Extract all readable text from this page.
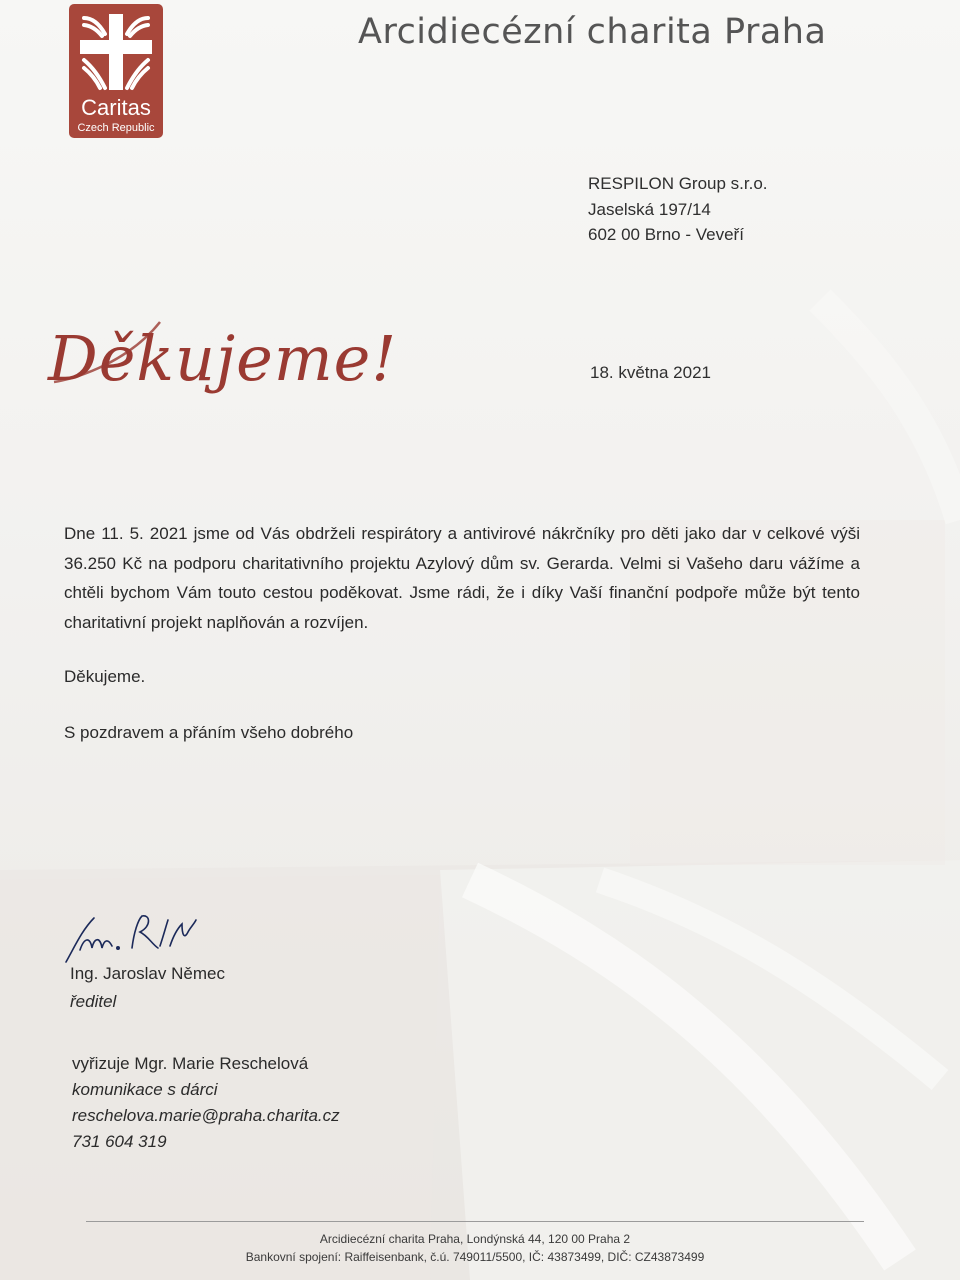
Caritas
Czech Republic
Arcidiecézní charita Praha
RESPILON Group s.r.o.
Jaselská 197/14
602 00 Brno - Veveří
Děkujeme!	18. května 2021
Dne 11. 5. 2021 jsme od Vás obdrželi respirátory a antivirové nákrčníky pro děti jako dar v celkové výši 36.250 Kč na podporu charitativního projektu Azylový dům sv. Gerarda. Velmi si Vašeho daru vážíme a chtěli bychom Vám touto cestou poděkovat. Jsme rádi, že i díky Vaší finanční podpoře může být tento charitativní projekt naplňován a rozvíjen.
Děkujeme.
S pozdravem a přáním všeho dobrého
Ing. Jaroslav Němec
ředitel
vyřizuje Mgr. Marie Reschelová
komunikace s dárci
reschelova.marie@praha.charita.cz
731 604 319
Arcidiecézní charita Praha, Londýnská 44, 120 00 Praha 2
Bankovní spojení: Raiffeisenbank, č.ú. 749011/5500, IČ: 43873499, DIČ: CZ43873499
